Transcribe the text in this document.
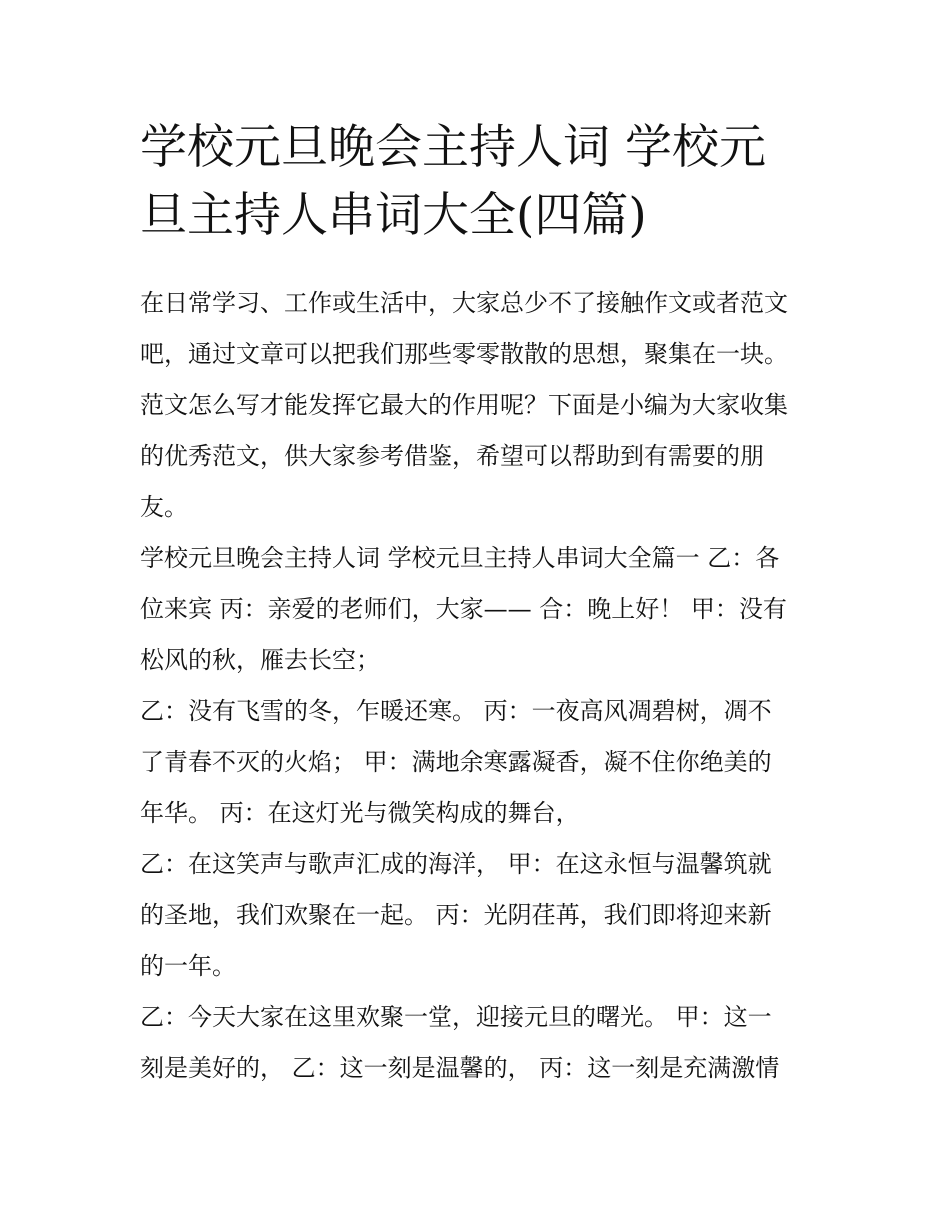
学校元旦晚会主持人词 学校元
旦主持人串词大全(四篇)
在日常学习、工作或生活中，大家总少不了接触作文或者范文
吧，通过文章可以把我们那些零零散散的思想，聚集在一块。
范文怎么写才能发挥它最大的作用呢？下面是小编为大家收集
的优秀范文，供大家参考借鉴，希望可以帮助到有需要的朋
友。
学校元旦晚会主持人词 学校元旦主持人串词大全篇一 乙：各
位来宾 丙：亲爱的老师们，大家—— 合：晚上好！ 甲：没有
松风的秋，雁去长空；
乙：没有飞雪的冬，乍暖还寒。 丙：一夜高风凋碧树，凋不
了青春不灭的火焰； 甲：满地余寒露凝香，凝不住你绝美的
年华。 丙：在这灯光与微笑构成的舞台，
乙：在这笑声与歌声汇成的海洋， 甲：在这永恒与温馨筑就
的圣地，我们欢聚在一起。 丙：光阴荏苒，我们即将迎来新
的一年。
乙：今天大家在这里欢聚一堂，迎接元旦的曙光。 甲：这一
刻是美好的， 乙：这一刻是温馨的， 丙：这一刻是充满激情
